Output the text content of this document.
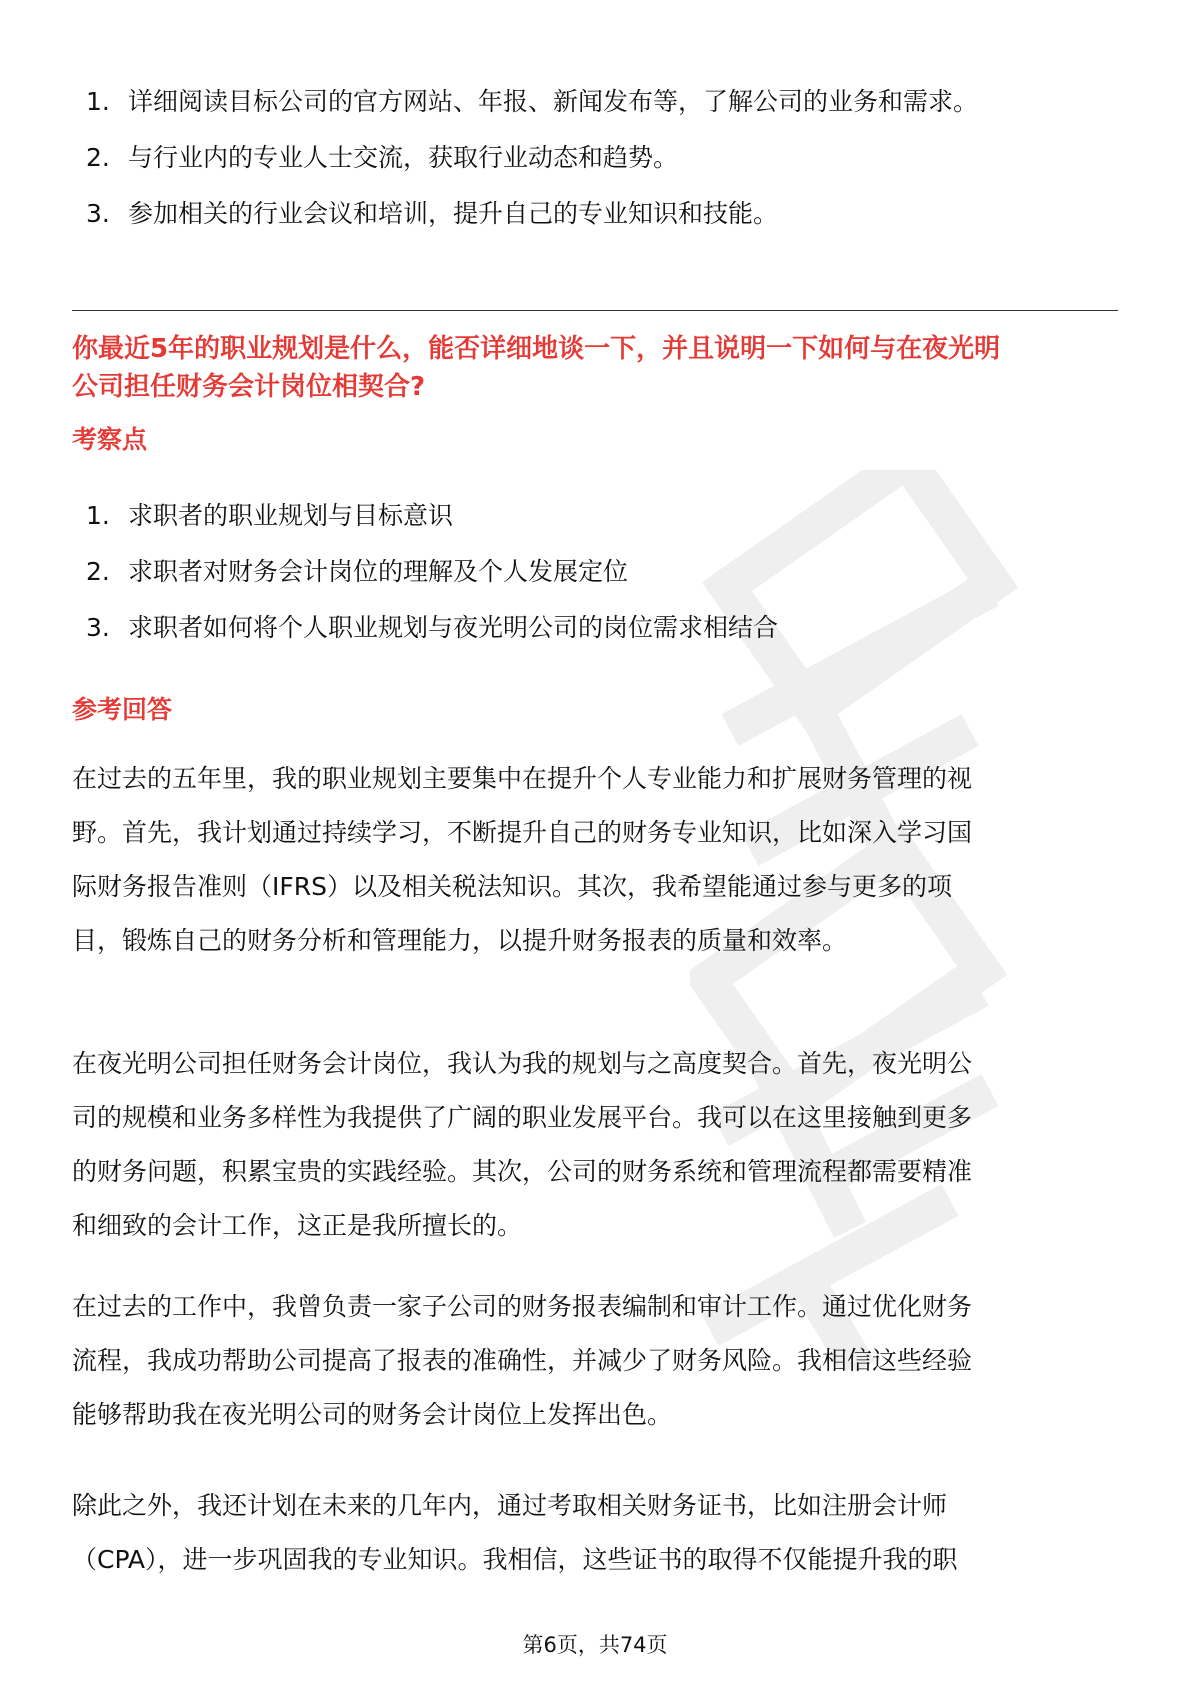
1. 详细阅读目标公司的官方网站、年报、新闻发布等，了解公司的业务和需求。
2. 与行业内的专业人士交流，获取行业动态和趋势。
3. 参加相关的行业会议和培训，提升自己的专业知识和技能。
你最近5年的职业规划是什么，能否详细地谈一下，并且说明一下如何与在夜光明
公司担任财务会计岗位相契合?
考察点
1. 求职者的职业规划与目标意识
2. 求职者对财务会计岗位的理解及个人发展定位
3. 求职者如何将个人职业规划与夜光明公司的岗位需求相结合
参考回答
在过去的五年里，我的职业规划主要集中在提升个人专业能力和扩展财务管理的视
野。首先，我计划通过持续学习，不断提升自己的财务专业知识，比如深入学习国
际财务报告准则（IFRS）以及相关税法知识。其次，我希望能通过参与更多的项
目，锻炼自己的财务分析和管理能力，以提升财务报表的质量和效率。
在夜光明公司担任财务会计岗位，我认为我的规划与之高度契合。首先，夜光明公
司的规模和业务多样性为我提供了广阔的职业发展平台。我可以在这里接触到更多
的财务问题，积累宝贵的实践经验。其次，公司的财务系统和管理流程都需要精准
和细致的会计工作，这正是我所擅长的。
在过去的工作中，我曾负责一家子公司的财务报表编制和审计工作。通过优化财务
流程，我成功帮助公司提高了报表的准确性，并减少了财务风险。我相信这些经验
能够帮助我在夜光明公司的财务会计岗位上发挥出色。
除此之外，我还计划在未来的几年内，通过考取相关财务证书，比如注册会计师
（CPA），进一步巩固我的专业知识。我相信，这些证书的取得不仅能提升我的职
第6页，共74页
